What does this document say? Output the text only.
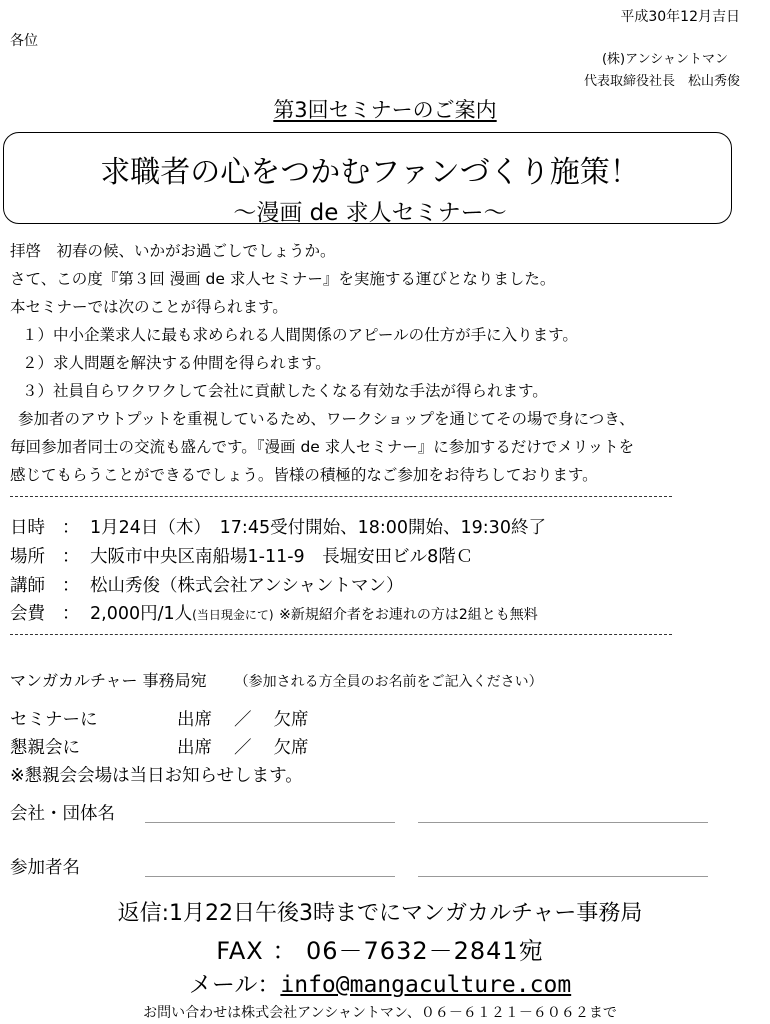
平成30年12月吉日
各位
(株)アンシャントマン
代表取締役社長　松山秀俊
第3回セミナーのご案内
求職者の心をつかむファンづくり施策！
～漫画 de 求人セミナー～
拝啓　初春の候、いかがお過ごしでしょうか。
さて、この度『第３回 漫画 de 求人セミナー』を実施する運びとなりました。
本セミナーでは次のことが得られます。
１）中小企業求人に最も求められる人間関係のアピールの仕方が手に入ります。
２）求人問題を解決する仲間を得られます。
３）社員自らワクワクして会社に貢献したくなる有効な手法が得られます。
参加者のアウトプットを重視しているため、ワークショップを通じてその場で身につき、
毎回参加者同士の交流も盛んです。『漫画 de 求人セミナー』に参加するだけでメリットを
感じてもらうことができるでしょう。皆様の積極的なご参加をお待ちしております。
日時 ： 1月24日（木）　17:45受付開始、18:00開始、19:30終了
場所 ： 大阪市中央区南船場1-11-9　長堀安田ビル8階Ｃ
講師 ： 松山秀俊（株式会社アンシャントマン）
会費 ： 2,000円/1人(当日現金にて) ※新規紹介者をお連れの方は2組とも無料
マンガカルチャー 事務局宛 （参加される方全員のお名前をご記入ください）
セミナーに	出席 ／ 欠席
懇親会に	出席 ／ 欠席
※懇親会会場は当日お知らせします。
会社・団体名
参加者名
返信:1月22日午後3時までにマンガカルチャー事務局
FAX ： 06－7632－2841宛
メール：info@mangaculture.com
お問い合わせは株式会社アンシャントマン、０６－６１２１－６０６２まで
